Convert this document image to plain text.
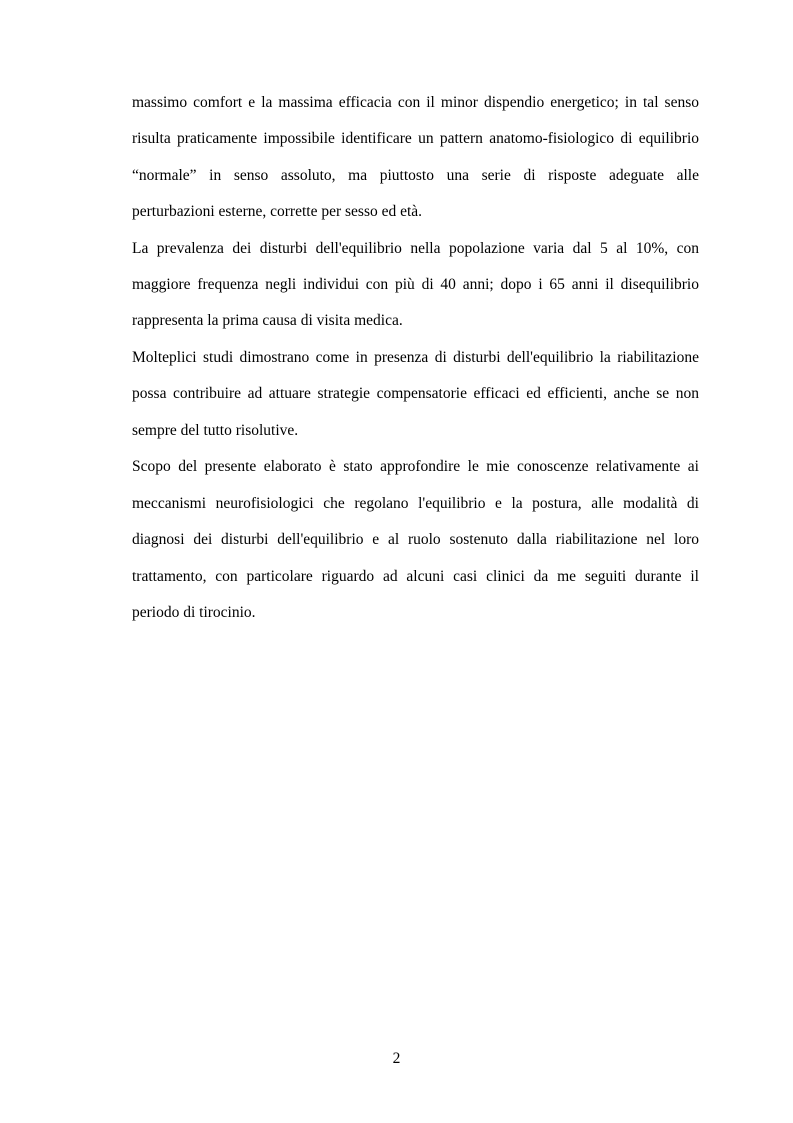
massimo comfort e la massima efficacia con il minor dispendio energetico; in tal senso
risulta praticamente impossibile identificare un pattern anatomo-fisiologico di equilibrio
“normale” in senso assoluto, ma piuttosto una serie di risposte adeguate alle
perturbazioni esterne, corrette per sesso ed età.
La prevalenza dei disturbi dell'equilibrio nella popolazione varia dal 5 al 10%, con
maggiore frequenza negli individui con più di 40 anni; dopo i 65 anni il disequilibrio
rappresenta la prima causa di visita medica.
Molteplici studi dimostrano come in presenza di disturbi dell'equilibrio la riabilitazione
possa contribuire ad attuare strategie compensatorie efficaci ed efficienti, anche se non
sempre del tutto risolutive.
Scopo del presente elaborato è stato approfondire le mie conoscenze relativamente ai
meccanismi neurofisiologici che regolano l'equilibrio e la postura, alle modalità di
diagnosi dei disturbi dell'equilibrio e al ruolo sostenuto dalla riabilitazione nel loro
trattamento, con particolare riguardo ad alcuni casi clinici da me seguiti durante il
periodo di tirocinio.
2
